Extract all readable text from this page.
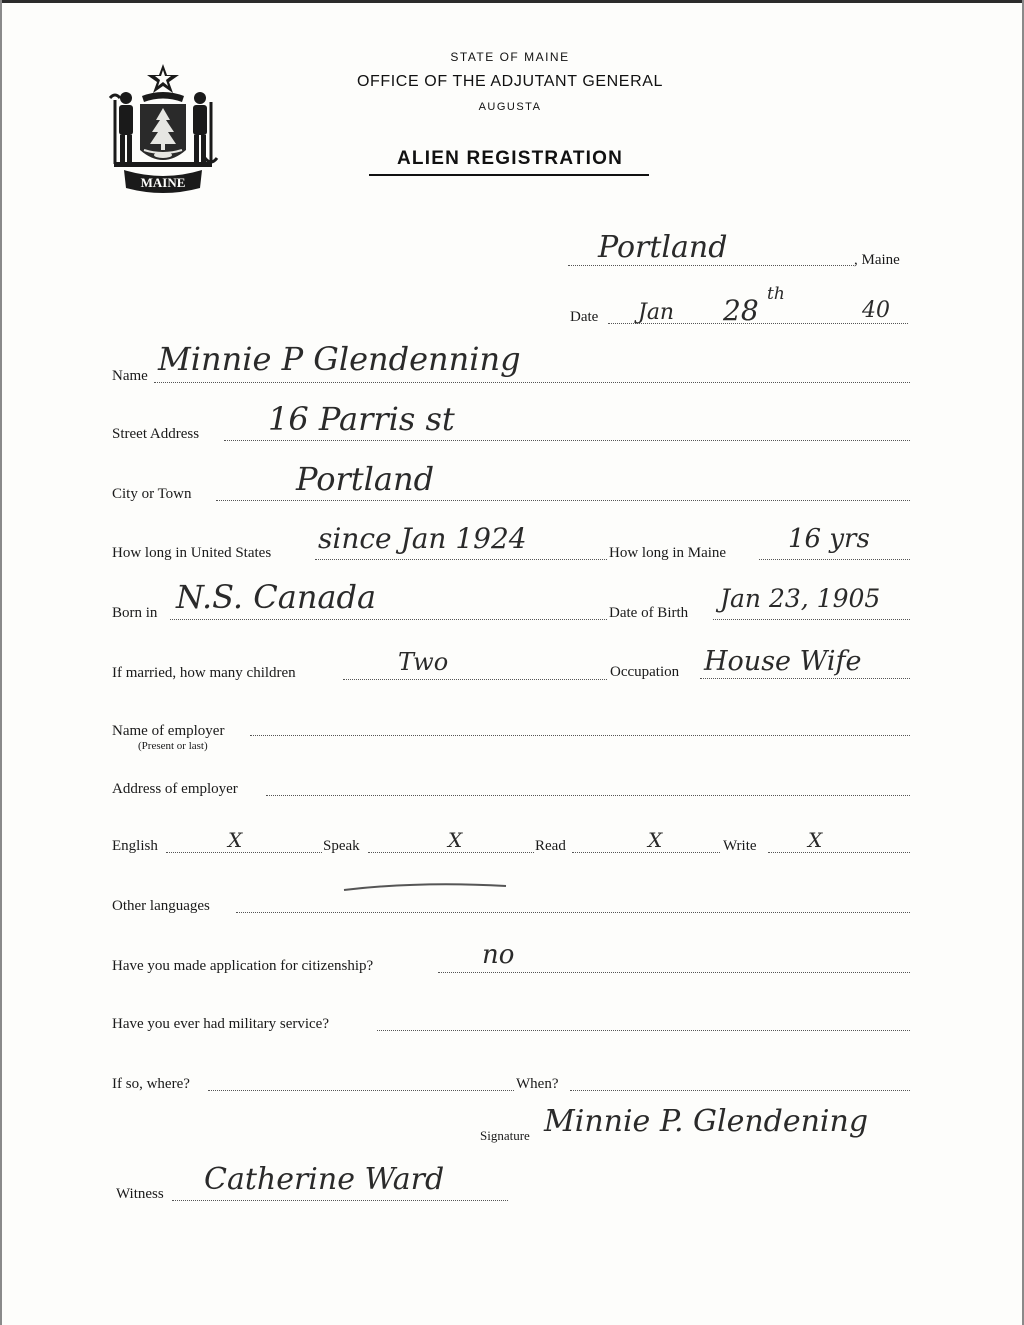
MAINE
STATE OF MAINE
OFFICE OF THE ADJUTANT GENERAL
AUGUSTA
ALIEN REGISTRATION
Portland	, Maine
Date Jan 28 th
40
Name Minnie P Glendenning
Street Address 16 Parris st
City or Town	Portland
How long in United States since Jan 1924	How long in Maine 16 yrs
Born in N.S. Canada	Date of Birth Jan 23, 1905
If married, how many children	Two	Occupation House Wife
Name of employer
(Present or last)
Address of employer
English	X	Speak	X	Read	X	Write	X
Other languages
Have you made application for citizenship?	no
Have you ever had military service?
If so, where?	When?
Signature Minnie P. Glendening
Witness Catherine Ward
